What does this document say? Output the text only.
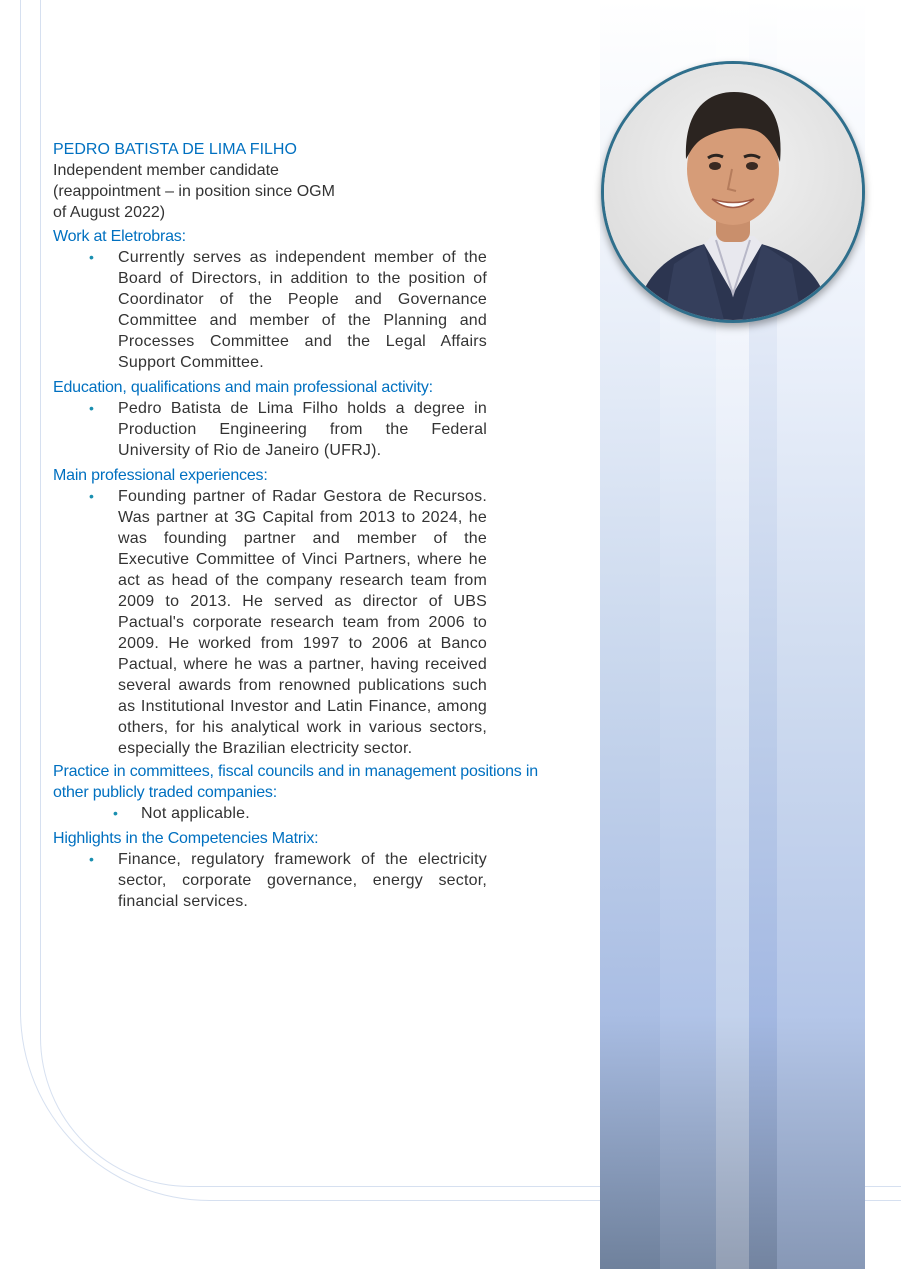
PEDRO BATISTA DE LIMA FILHO
Independent member candidate
(reappointment – in position since OGM
of August 2022)
Work at Eletrobras:
• Currently serves as independent member of the Board of Directors, in addition to the position of Coordinator of the People and Governance Committee and member of the Planning and Processes Committee and the Legal Affairs Support Committee.
Education, qualifications and main professional activity:
• Pedro Batista de Lima Filho holds a degree in Production Engineering from the Federal University of Rio de Janeiro (UFRJ).
Main professional experiences:
• Founding partner of Radar Gestora de Recursos. Was partner at 3G Capital from 2013 to 2024, he was founding partner and member of the Executive Committee of Vinci Partners, where he act as head of the company research team from 2009 to 2013. He served as director of UBS Pactual's corporate research team from 2006 to 2009. He worked from 1997 to 2006 at Banco Pactual, where he was a partner, having received several awards from renowned publications such as Institutional Investor and Latin Finance, among others, for his analytical work in various sectors, especially the Brazilian electricity sector.
Practice in committees, fiscal councils and in management positions in
other publicly traded companies:
• Not applicable.
Highlights in the Competencies Matrix:
• Finance, regulatory framework of the electricity sector, corporate governance, energy sector, financial services.
